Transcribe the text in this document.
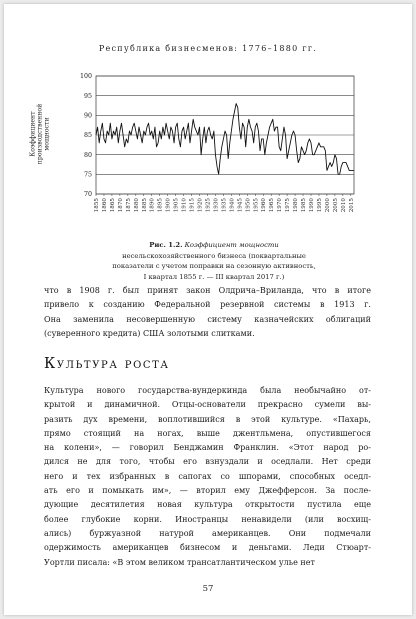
Республика бизнесменов: 1776–1880 гг.
70
75
80
85
90
95
100
1855 1860 1865 1870 1875 1880 1885 1890 1895 1900 1905 1910 1915 1920 1925 1930 1935 1940 1945 1950 1955 1960 1965 1970 1975 1980 1985 1990 1995 2000 2005 2010 2015
Коэффициент
производственной
мощности
Рис. 1.2. Коэффициент мощности
несельскохозяйственного бизнеса (поквартальные
показатели с учетом поправки на сезонную активность,
I квартал 1855 г. — III квартал 2017 г.)
что в 1908 г. был принят закон Олдрича–Вриланда, что в итоге
привело к созданию Федеральной резервной системы в 1913 г.
Она заменила несовершенную систему казначейских облигаций
(суверенного кредита) США золотыми слитками.
Культура роста
Культура нового государства-вундеркинда была необычайно от-
крытой и динамичной. Отцы-основатели прекрасно сумели вы-
разить дух времени, воплотившийся в этой культуре. «Пахарь,
прямо стоящий на ногах, выше джентльмена, опустившегося
на колени», — говорил Бенджамин Франклин. «Этот народ ро-
дился не для того, чтобы его взнуздали и оседлали. Нет среди
него и тех избранных в сапогах со шпорами, способных оседл-
ать его и помыкать им», — вторил ему Джефферсон. За после-
дующие десятилетия новая культура открытости пустила еще
более глубокие корни. Иностранцы ненавидели (или восхищ-
ались) буржуазной натурой американцев. Они подмечали
одержимость американцев бизнесом и деньгами. Леди Стюарт-
Уортли писала: «В этом великом трансатлантическом улье нет
57
